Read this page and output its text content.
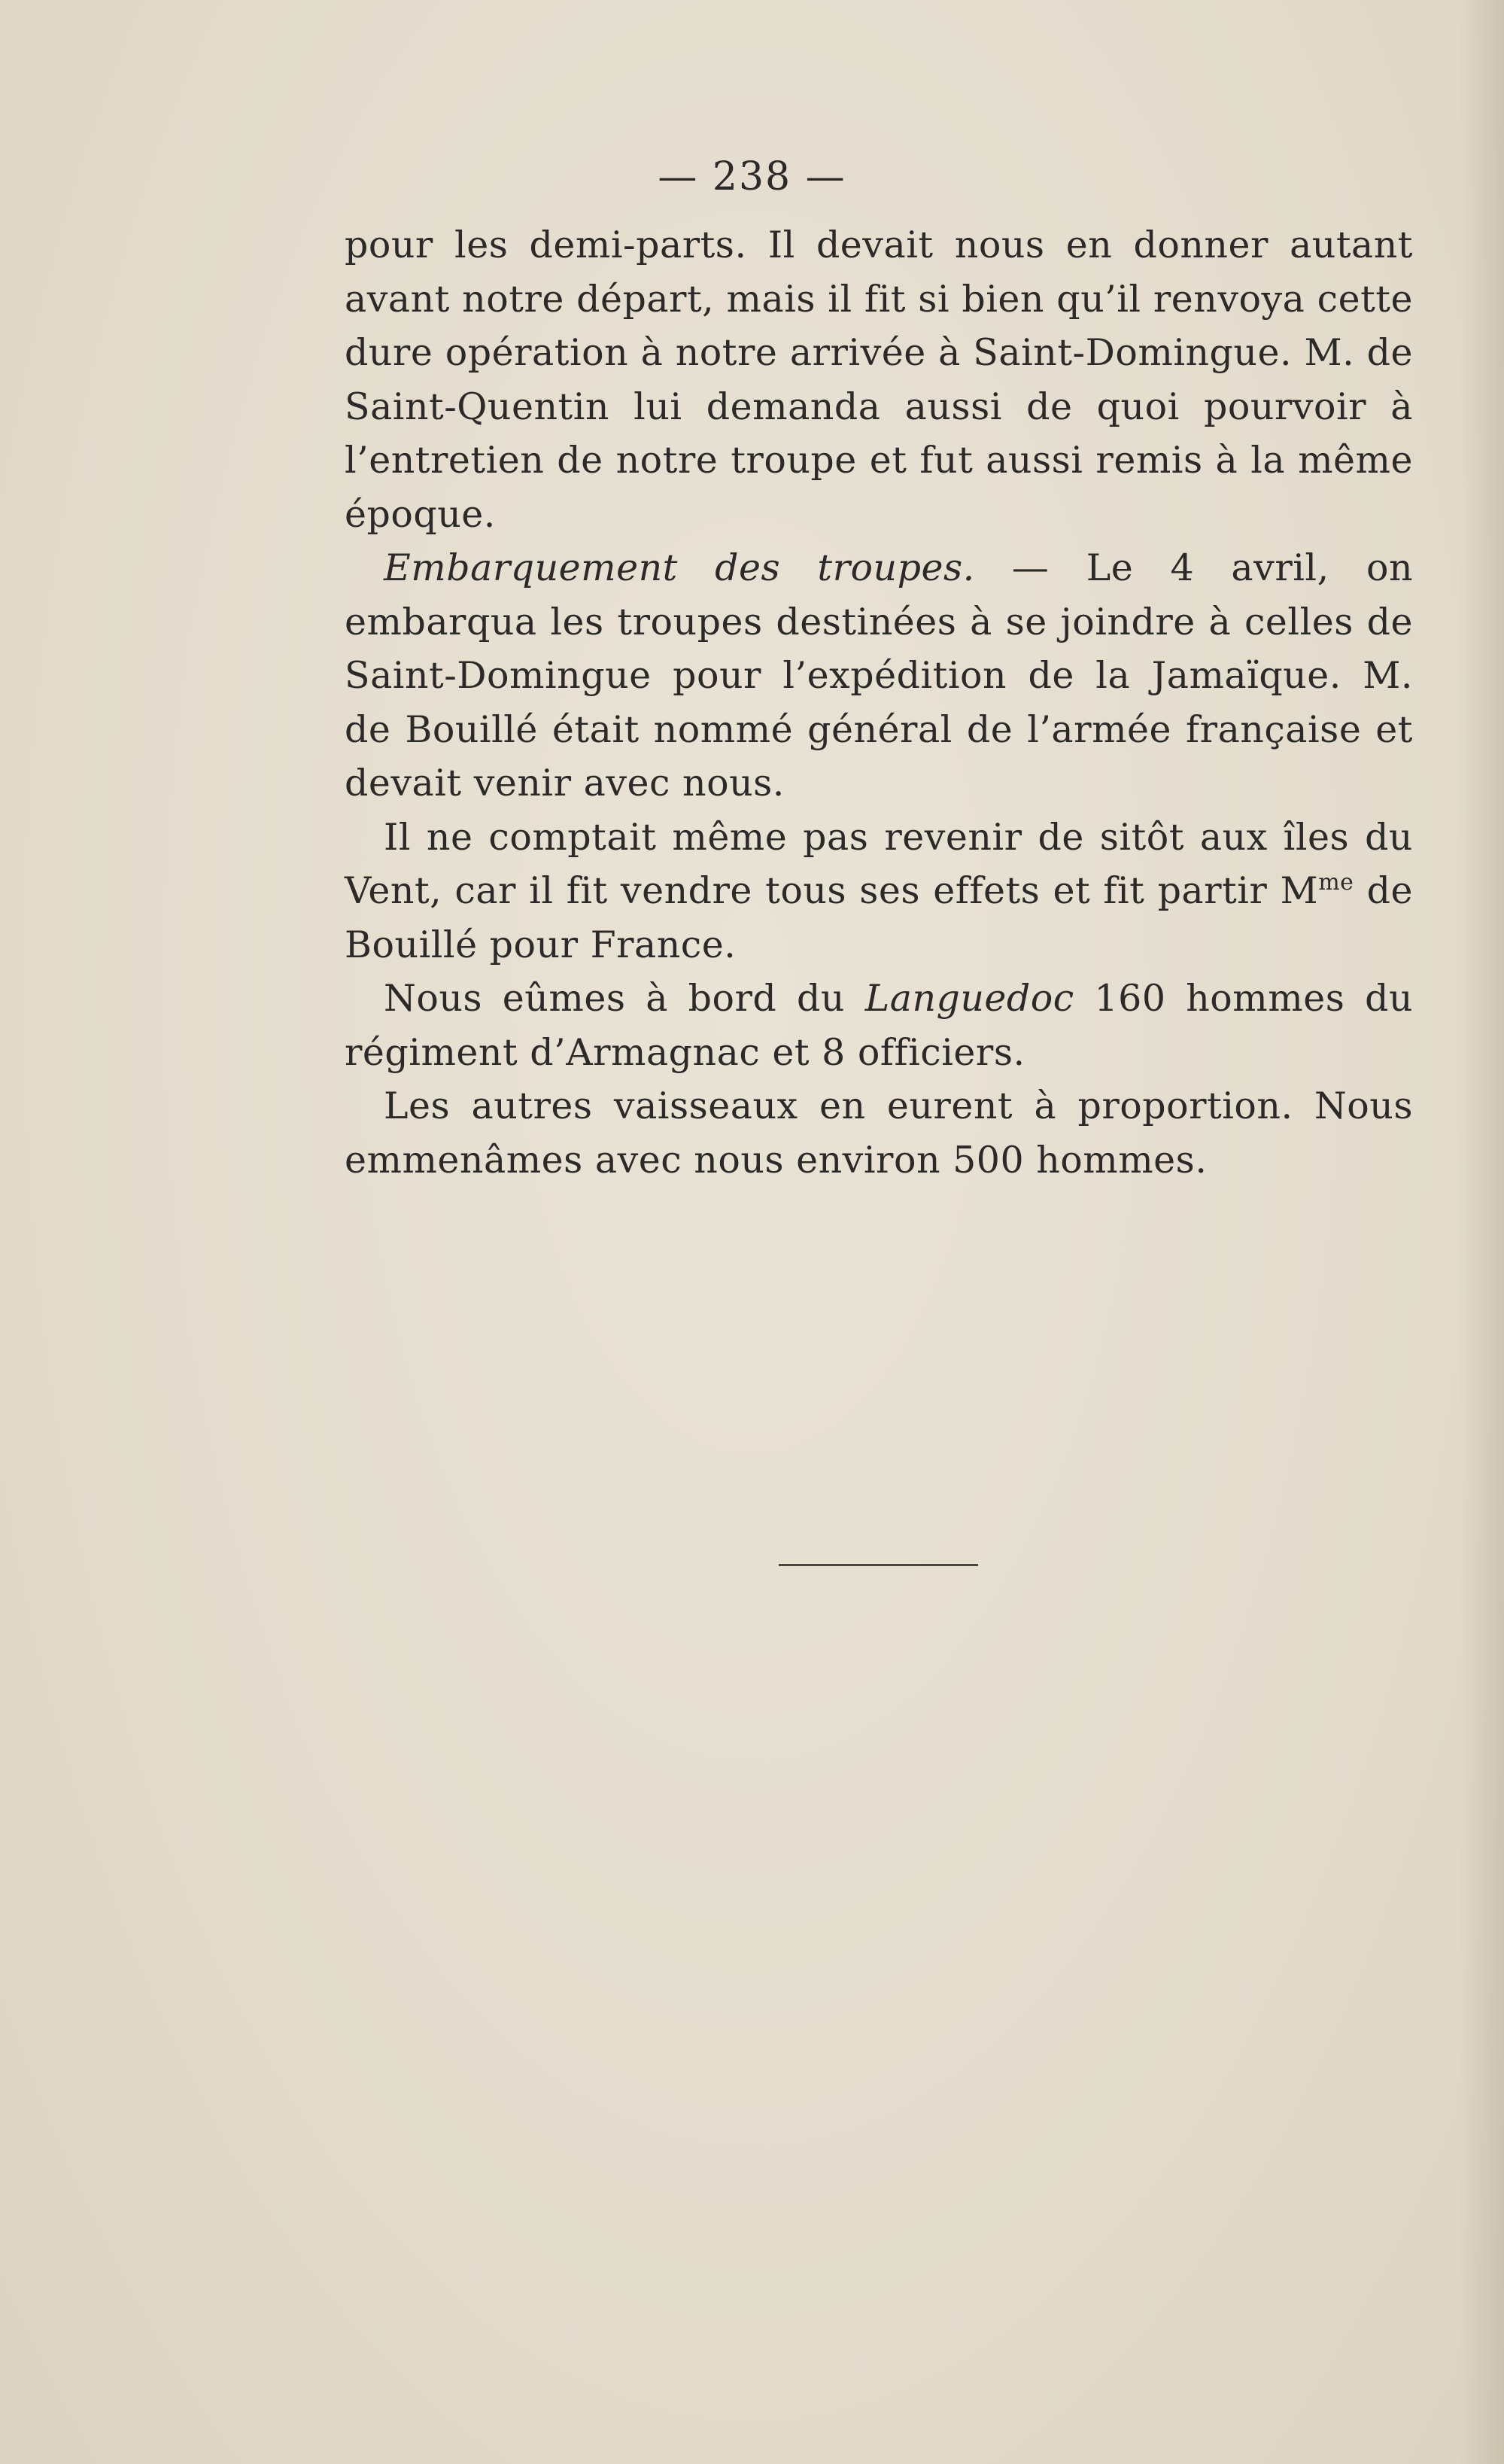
— 238 —

pour les demi-parts. Il devait nous en donner autant avant notre départ, mais il fit si bien qu’il renvoya cette dure opération à notre arrivée à Saint-Domingue. M. de Saint-Quentin lui demanda aussi de quoi pourvoir à l’entretien de notre troupe et fut aussi remis à la même époque.

Embarquement des troupes. — Le 4 avril, on embarqua les troupes destinées à se joindre à celles de Saint-Domingue pour l’expédition de la Jamaïque. M. de Bouillé était nommé général de l’armée française et devait venir avec nous.

Il ne comptait même pas revenir de sitôt aux îles du Vent, car il fit vendre tous ses effets et fit partir $M^{me}$ de Bouillé pour France.

Nous eûmes à bord du Languedoc 160 hommes du régiment d’Armagnac et 8 officiers.

Les autres vaisseaux en eurent à proportion. Nous emmenâmes avec nous environ 500 hommes.
